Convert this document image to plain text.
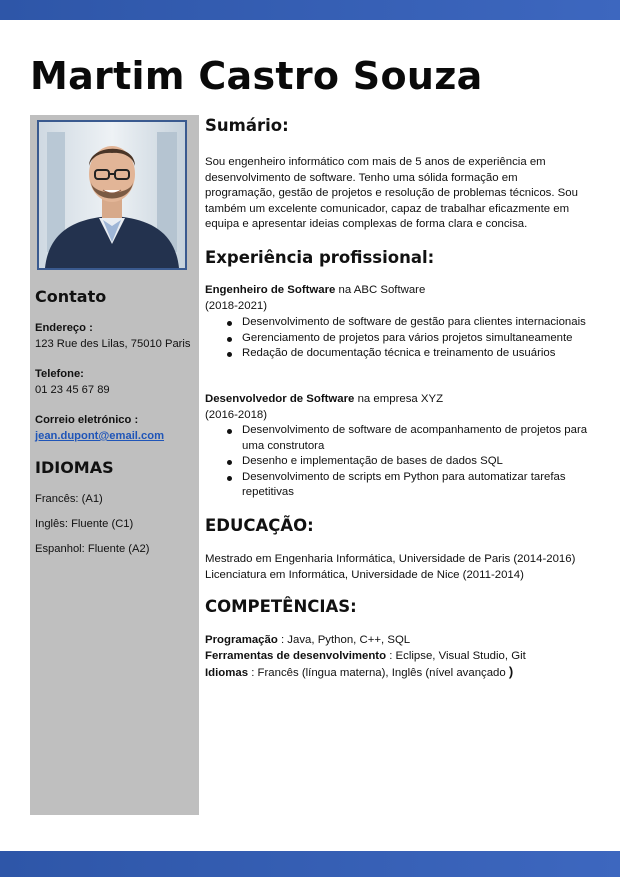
Martim Castro Souza
Contato
Endereço :
123 Rue des Lilas, 75010 Paris
Telefone:
01 23 45 67 89
Correio eletrónico :
jean.dupont@email.com
IDIOMAS
Francês: (A1)
Inglês: Fluente (C1)
Espanhol: Fluente (A2)
Sumário:
Sou engenheiro informático com mais de 5 anos de experiência em desenvolvimento de software. Tenho uma sólida formação em programação, gestão de projetos e resolução de problemas técnicos. Sou também um excelente comunicador, capaz de trabalhar eficazmente em equipa e apresentar ideias complexas de forma clara e concisa.
Experiência profissional:
Engenheiro de Software na ABC Software
(2018-2021)
Desenvolvimento de software de gestão para clientes internacionais
Gerenciamento de projetos para vários projetos simultaneamente
Redação de documentação técnica e treinamento de usuários
Desenvolvedor de Software na empresa XYZ
(2016-2018)
Desenvolvimento de software de acompanhamento de projetos para uma construtora
Desenho e implementação de bases de dados SQL
Desenvolvimento de scripts em Python para automatizar tarefas repetitivas
EDUCAÇÃO:
Mestrado em Engenharia Informática, Universidade de Paris (2014-2016)
Licenciatura em Informática, Universidade de Nice (2011-2014)
COMPETÊNCIAS:
Programação : Java, Python, C++, SQL
Ferramentas de desenvolvimento : Eclipse, Visual Studio, Git
Idiomas : Francês (língua materna), Inglês (nível avançado )
